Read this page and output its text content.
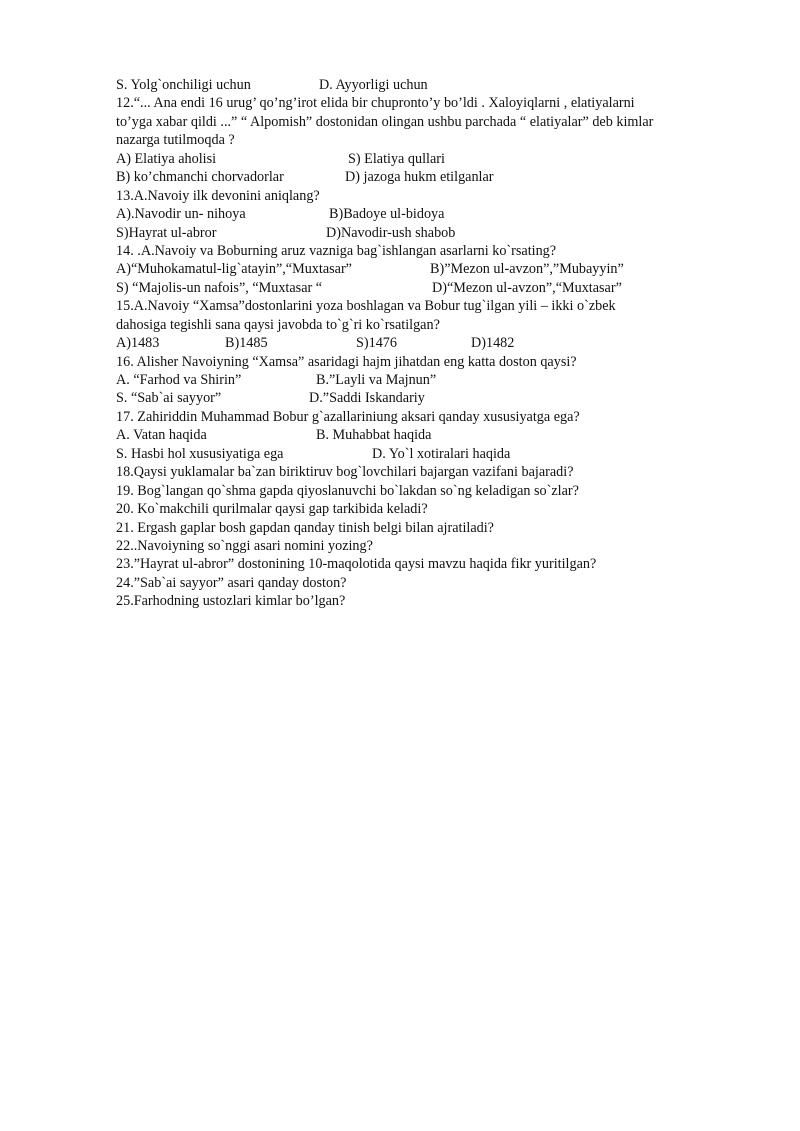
S. Yolg`onchiligi uchun	D. Ayyorligi uchun
12.“... Ana endi 16 urug’ qo’ng’irot elida bir chupronto’y bo’ldi . Xaloyiqlarni , elatiyalarni
to’yga xabar qildi ...” “ Alpomish” dostonidan olingan ushbu parchada “ elatiyalar” deb kimlar
nazarga tutilmoqda ?
A) Elatiya aholisi	S) Elatiya qullari
B) ko’chmanchi chorvadorlar	D) jazoga hukm etilganlar
13.A.Navoiy ilk devonini aniqlang?
A).Navodir un- nihoya	B)Badoye ul-bidoya
S)Hayrat ul-abror	D)Navodir-ush shabob
14. .A.Navoiy va Boburning aruz vazniga bag`ishlangan asarlarni ko`rsating?
A)“Muhokamatul-lig`atayin”,“Muxtasar”	B)”Mezon ul-avzon”,”Mubayyin”
S) “Majolis-un nafois”, “Muxtasar “	D)“Mezon ul-avzon”,“Muxtasar”
15.A.Navoiy “Xamsa”dostonlarini yoza boshlagan va Bobur tug`ilgan yili – ikki o`zbek
dahosiga tegishli sana qaysi javobda to`g`ri ko`rsatilgan?
A)1483	B)1485	S)1476	D)1482
16. Alisher Navoiyning “Xamsa” asaridagi hajm jihatdan eng katta doston qaysi?
A. “Farhod va Shirin”	B.”Layli va Majnun”
S. “Sab`ai sayyor”	D.”Saddi Iskandariy
17. Zahiriddin Muhammad Bobur g`azallariniung aksari qanday xususiyatga ega?
A. Vatan haqida	B. Muhabbat haqida
S. Hasbi hol xususiyatiga ega	D. Yo`l xotiralari haqida
18.Qaysi yuklamalar ba`zan biriktiruv bog`lovchilari bajargan vazifani bajaradi?
19. Bog`langan qo`shma gapda qiyoslanuvchi bo`lakdan so`ng keladigan so`zlar?
20. Ko`makchili qurilmalar qaysi gap tarkibida keladi?
21. Ergash gaplar bosh gapdan qanday tinish belgi bilan ajratiladi?
22..Navoiyning so`nggi asari nomini yozing?
23.”Hayrat ul-abror” dostonining 10-maqolotida qaysi mavzu haqida fikr yuritilgan?
24.”Sab`ai sayyor” asari qanday doston?
25.Farhodning ustozlari kimlar bo’lgan?
